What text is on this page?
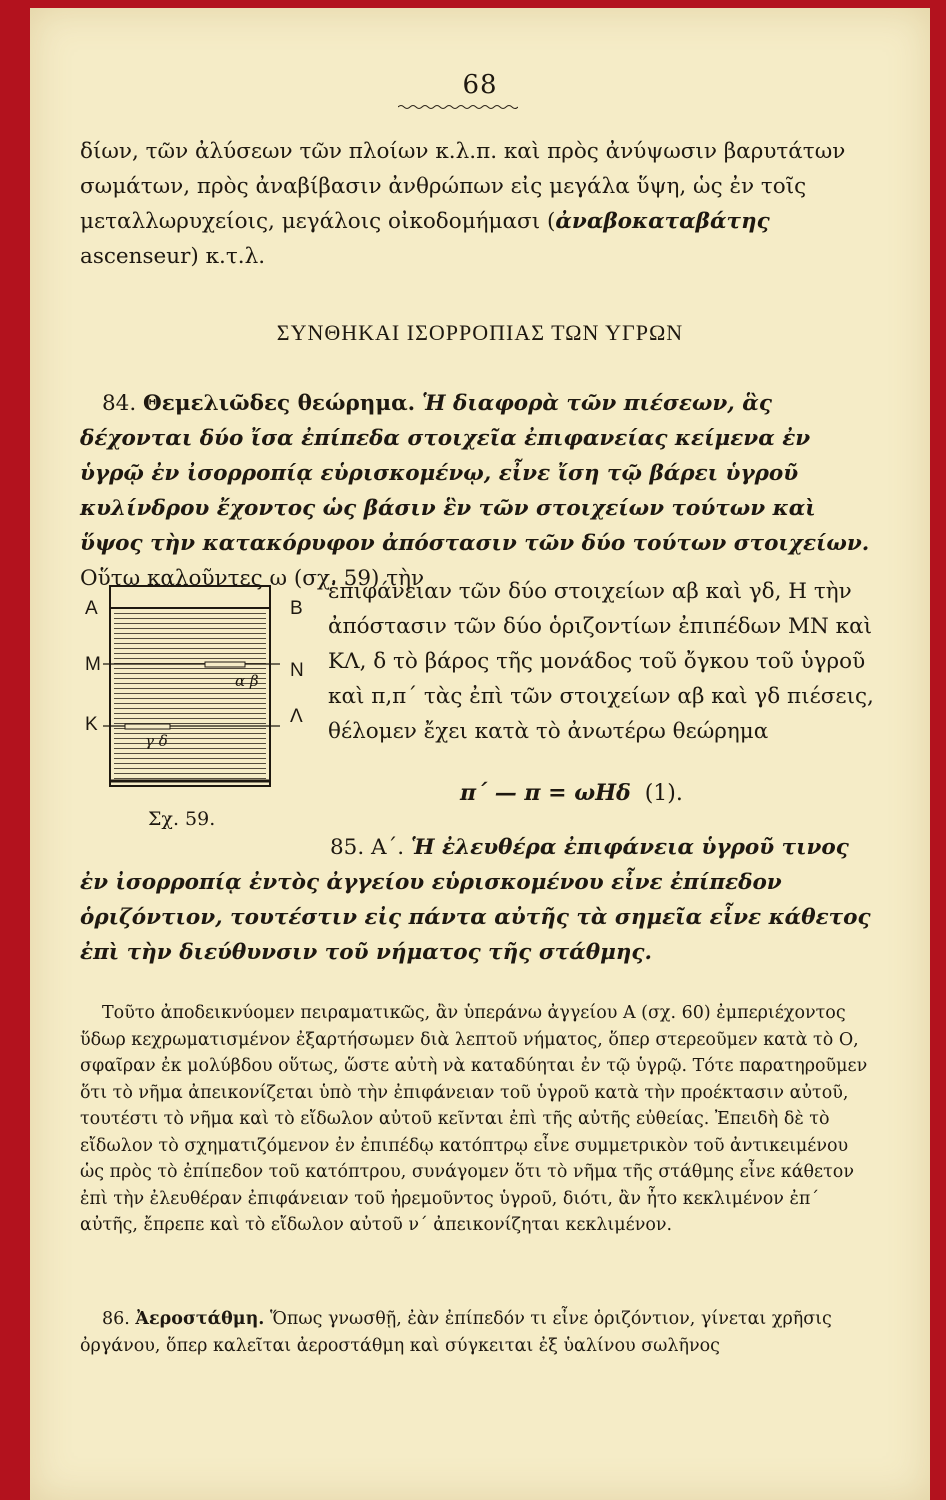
68
δίων, τῶν ἀλύσεων τῶν πλοίων κ.λ.π. καὶ πρὸς ἀνύψωσιν βαρυτάτων σωμάτων, πρὸς ἀναβίβασιν ἀνθρώπων εἰς μεγάλα ὕψη, ὡς ἐν τοῖς μεταλλωρυχείοις, μεγάλοις οἰκοδομήμασι (ἀναβοκαταβάτης ascenseur) κ.τ.λ.
ΣΥΝΘΗΚΑΙ ΙΣΟΡΡΟΠΙΑΣ ΤΩΝ ΥΓΡΩΝ
84. Θεμελιῶδες θεώρημα. Ἡ διαφορὰ τῶν πιέσεων, ἃς δέχονται δύο ἴσα ἐπίπεδα στοιχεῖα ἐπιφανείας κείμενα ἐν ὑγρῷ ἐν ἰσορροπίᾳ εὑρισκομένῳ, εἶνε ἴση τῷ βάρει ὑγροῦ κυλίνδρου ἔχοντος ὡς βάσιν ἓν τῶν στοιχείων τούτων καὶ ὕψος τὴν κατακόρυφον ἀπόστασιν τῶν δύο τούτων στοιχείων. Οὕτω καλοῦντες ω (σχ. 59) τὴν
Α	Β
Μ	Ν
Κ	Λ
α β
γ δ
Σχ. 59.
ἐπιφάνειαν τῶν δύο στοιχείων αβ καὶ γδ, Η τὴν ἀπόστασιν τῶν δύο ὁριζοντίων ἐπιπέδων ΜΝ καὶ ΚΛ, δ τὸ βάρος τῆς μονάδος τοῦ ὄγκου τοῦ ὑγροῦ καὶ π,π΄ τὰς ἐπὶ τῶν στοιχείων αβ καὶ γδ πιέσεις, θέλομεν ἔχει κατὰ τὸ ἀνωτέρω θεώρημα
π΄ — π = ωΗδ (1).
85. Α΄. Ἡ ἐλευθέρα ἐπιφάνεια ὑγροῦ τινος ἐν ἰσορροπίᾳ ἐντὸς ἀγγείου εὑρισκομένου εἶνε ἐπίπεδον ὁριζόντιον, τουτέστιν εἰς πάντα αὐτῆς τὰ σημεῖα εἶνε κάθετος ἐπὶ τὴν διεύθυνσιν τοῦ νήματος τῆς στάθμης.
Τοῦτο ἀποδεικνύομεν πειραματικῶς, ἂν ὑπεράνω ἀγγείου Α (σχ. 60) ἐμπεριέχοντος ὕδωρ κεχρωματισμένον ἐξαρτήσωμεν διὰ λεπτοῦ νήματος, ὅπερ στερεοῦμεν κατὰ τὸ Ο, σφαῖραν ἐκ μολύβδου οὕτως, ὥστε αὐτὴ νὰ καταδύηται ἐν τῷ ὑγρῷ. Τότε παρατηροῦμεν ὅτι τὸ νῆμα ἀπεικονίζεται ὑπὸ τὴν ἐπιφάνειαν τοῦ ὑγροῦ κατὰ τὴν προέκτασιν αὐτοῦ, τουτέστι τὸ νῆμα καὶ τὸ εἴδωλον αὐτοῦ κεῖνται ἐπὶ τῆς αὐτῆς εὐθείας. Ἐπειδὴ δὲ τὸ εἴδωλον τὸ σχηματιζόμενον ἐν ἐπιπέδῳ κατόπτρῳ εἶνε συμμετρικὸν τοῦ ἀντικειμένου ὡς πρὸς τὸ ἐπίπεδον τοῦ κατόπτρου, συνάγομεν ὅτι τὸ νῆμα τῆς στάθμης εἶνε κάθετον ἐπὶ τὴν ἐλευθέραν ἐπιφάνειαν τοῦ ἠρεμοῦντος ὑγροῦ, διότι, ἂν ἦτο κεκλιμένον ἐπ΄ αὐτῆς, ἔπρεπε καὶ τὸ εἴδωλον αὐτοῦ ν΄ ἀπεικονίζηται κεκλιμένον.
86. Ἀεροστάθμη. Ὅπως γνωσθῇ, ἐὰν ἐπίπεδόν τι εἶνε ὁριζόντιον, γίνεται χρῆσις ὀργάνου, ὅπερ καλεῖται ἀεροστάθμη καὶ σύγκειται ἐξ ὑαλίνου σωλῆνος
